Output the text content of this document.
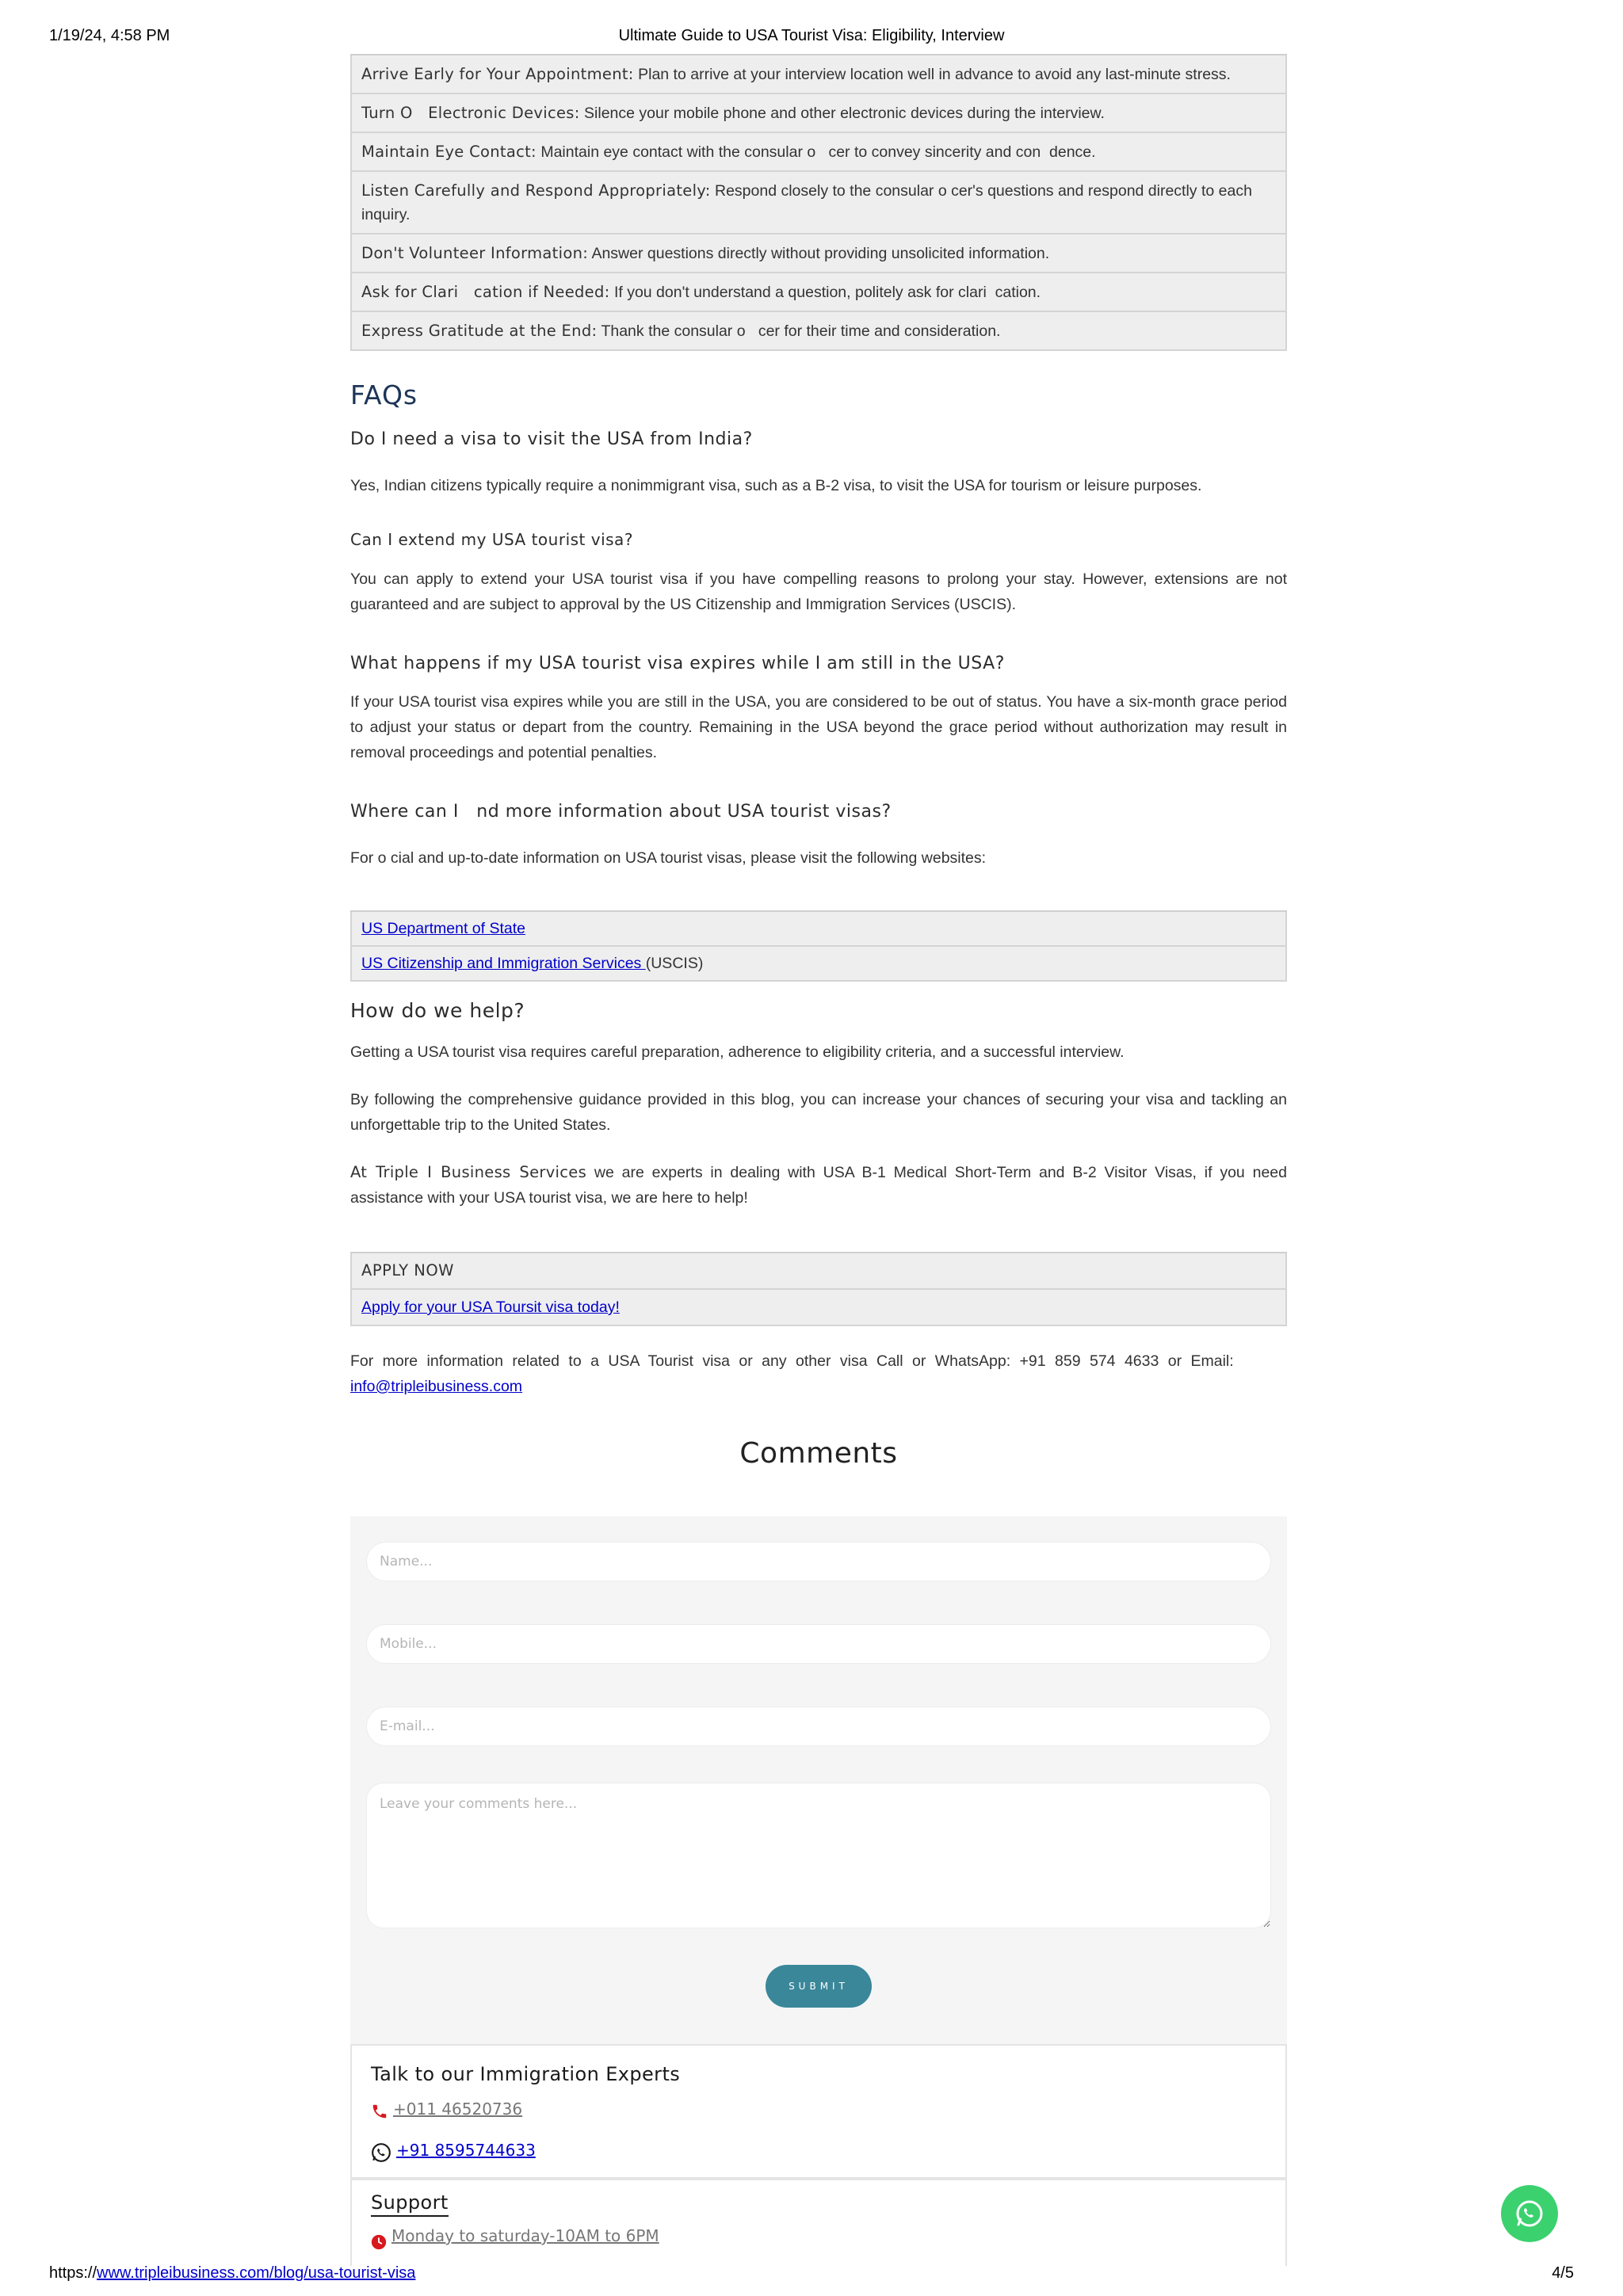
1/19/24, 4:58 PM	Ultimate Guide to USA Tourist Visa: Eligibility, Interview
Arrive Early for Your Appointment: Plan to arrive at your interview location well in advance to avoid any last-minute stress.
Turn O   Electronic Devices: Silence your mobile phone and other electronic devices during the interview.
Maintain Eye Contact: Maintain eye contact with the consular o   cer to convey sincerity and con  dence.
Listen Carefully and Respond Appropriately: Respond closely to the consular o cer's questions and respond directly to each inquiry.
Don't Volunteer Information: Answer questions directly without providing unsolicited information.
Ask for Clari   cation if Needed: If you don't understand a question, politely ask for clari  cation.
Express Gratitude at the End: Thank the consular o   cer for their time and consideration.
FAQs

Do I need a visa to visit the USA from India?

Yes, Indian citizens typically require a nonimmigrant visa, such as a B-2 visa, to visit the USA for tourism or leisure purposes.

Can I extend my USA tourist visa?

You can apply to extend your USA tourist visa if you have compelling reasons to prolong your stay. However, extensions are not guaranteed and are subject to approval by the US Citizenship and Immigration Services (USCIS).

What happens if my USA tourist visa expires while I am still in the USA?

If your USA tourist visa expires while you are still in the USA, you are considered to be out of status. You have a six-month grace period to adjust your status or depart from the country. Remaining in the USA beyond the grace period without authorization may result in removal proceedings and potential penalties.

Where can I   nd more information about USA tourist visas?

For o cial and up-to-date information on USA tourist visas, please visit the following websites:

US Department of State
US Citizenship and Immigration Services (USCIS)
How do we help?

Getting a USA tourist visa requires careful preparation, adherence to eligibility criteria, and a successful interview.

By following the comprehensive guidance provided in this blog, you can increase your chances of securing your visa and tackling an unforgettable trip to the United States.

At Triple I Business Services we are experts in dealing with USA B-1 Medical Short-Term and B-2 Visitor Visas, if you need assistance with your USA tourist visa, we are here to help!

APPLY NOW
Apply for your USA Toursit visa today!

For more information related to a USA Tourist visa or any other visa Call or WhatsApp: +91 859 574 4633 or Email:
info@tripleibusiness.com

Comments
Name...
Mobile...
E-mail...
Leave your comments here...
SUBMIT
Talk to our Immigration Experts
+011 46520736
+91 8595744633
Support
Monday to saturday-10AM to 6PM
https://www.tripleibusiness.com/blog/usa-tourist-visa	4/5
